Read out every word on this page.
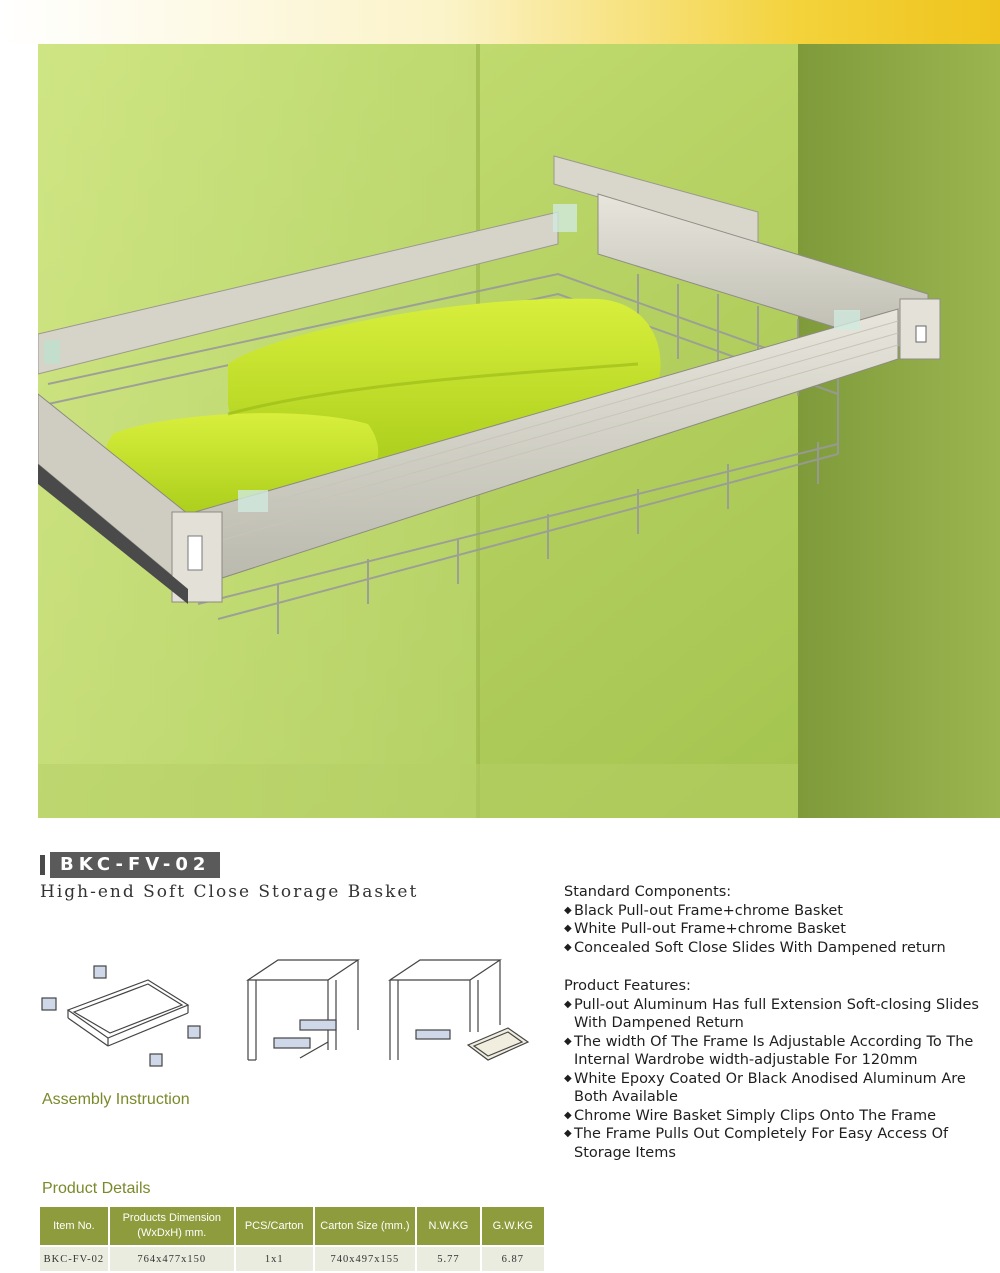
BKC-FV-02
High-end Soft Close Storage Basket
Assembly Instruction
Standard Components:
◆ Black Pull-out Frame+chrome Basket
◆ White Pull-out Frame+chrome Basket
◆ Concealed Soft Close Slides With Dampened return
Product Features:
◆ Pull-out Aluminum Has full Extension Soft-closing Slides With Dampened Return
◆ The width Of The Frame Is Adjustable According To The Internal Wardrobe width-adjustable For 120mm
◆ White Epoxy Coated Or Black Anodised Aluminum Are Both Available
◆ Chrome Wire Basket Simply Clips Onto The Frame
◆ The Frame Pulls Out Completely For Easy Access Of Storage Items
Product Details
Item No.	Products Dimension (WxDxH) mm.	PCS/Carton	Carton Size (mm.)	N.W.KG	G.W.KG
BKC-FV-02	764x477x150	1x1	740x497x155	5.77	6.87
